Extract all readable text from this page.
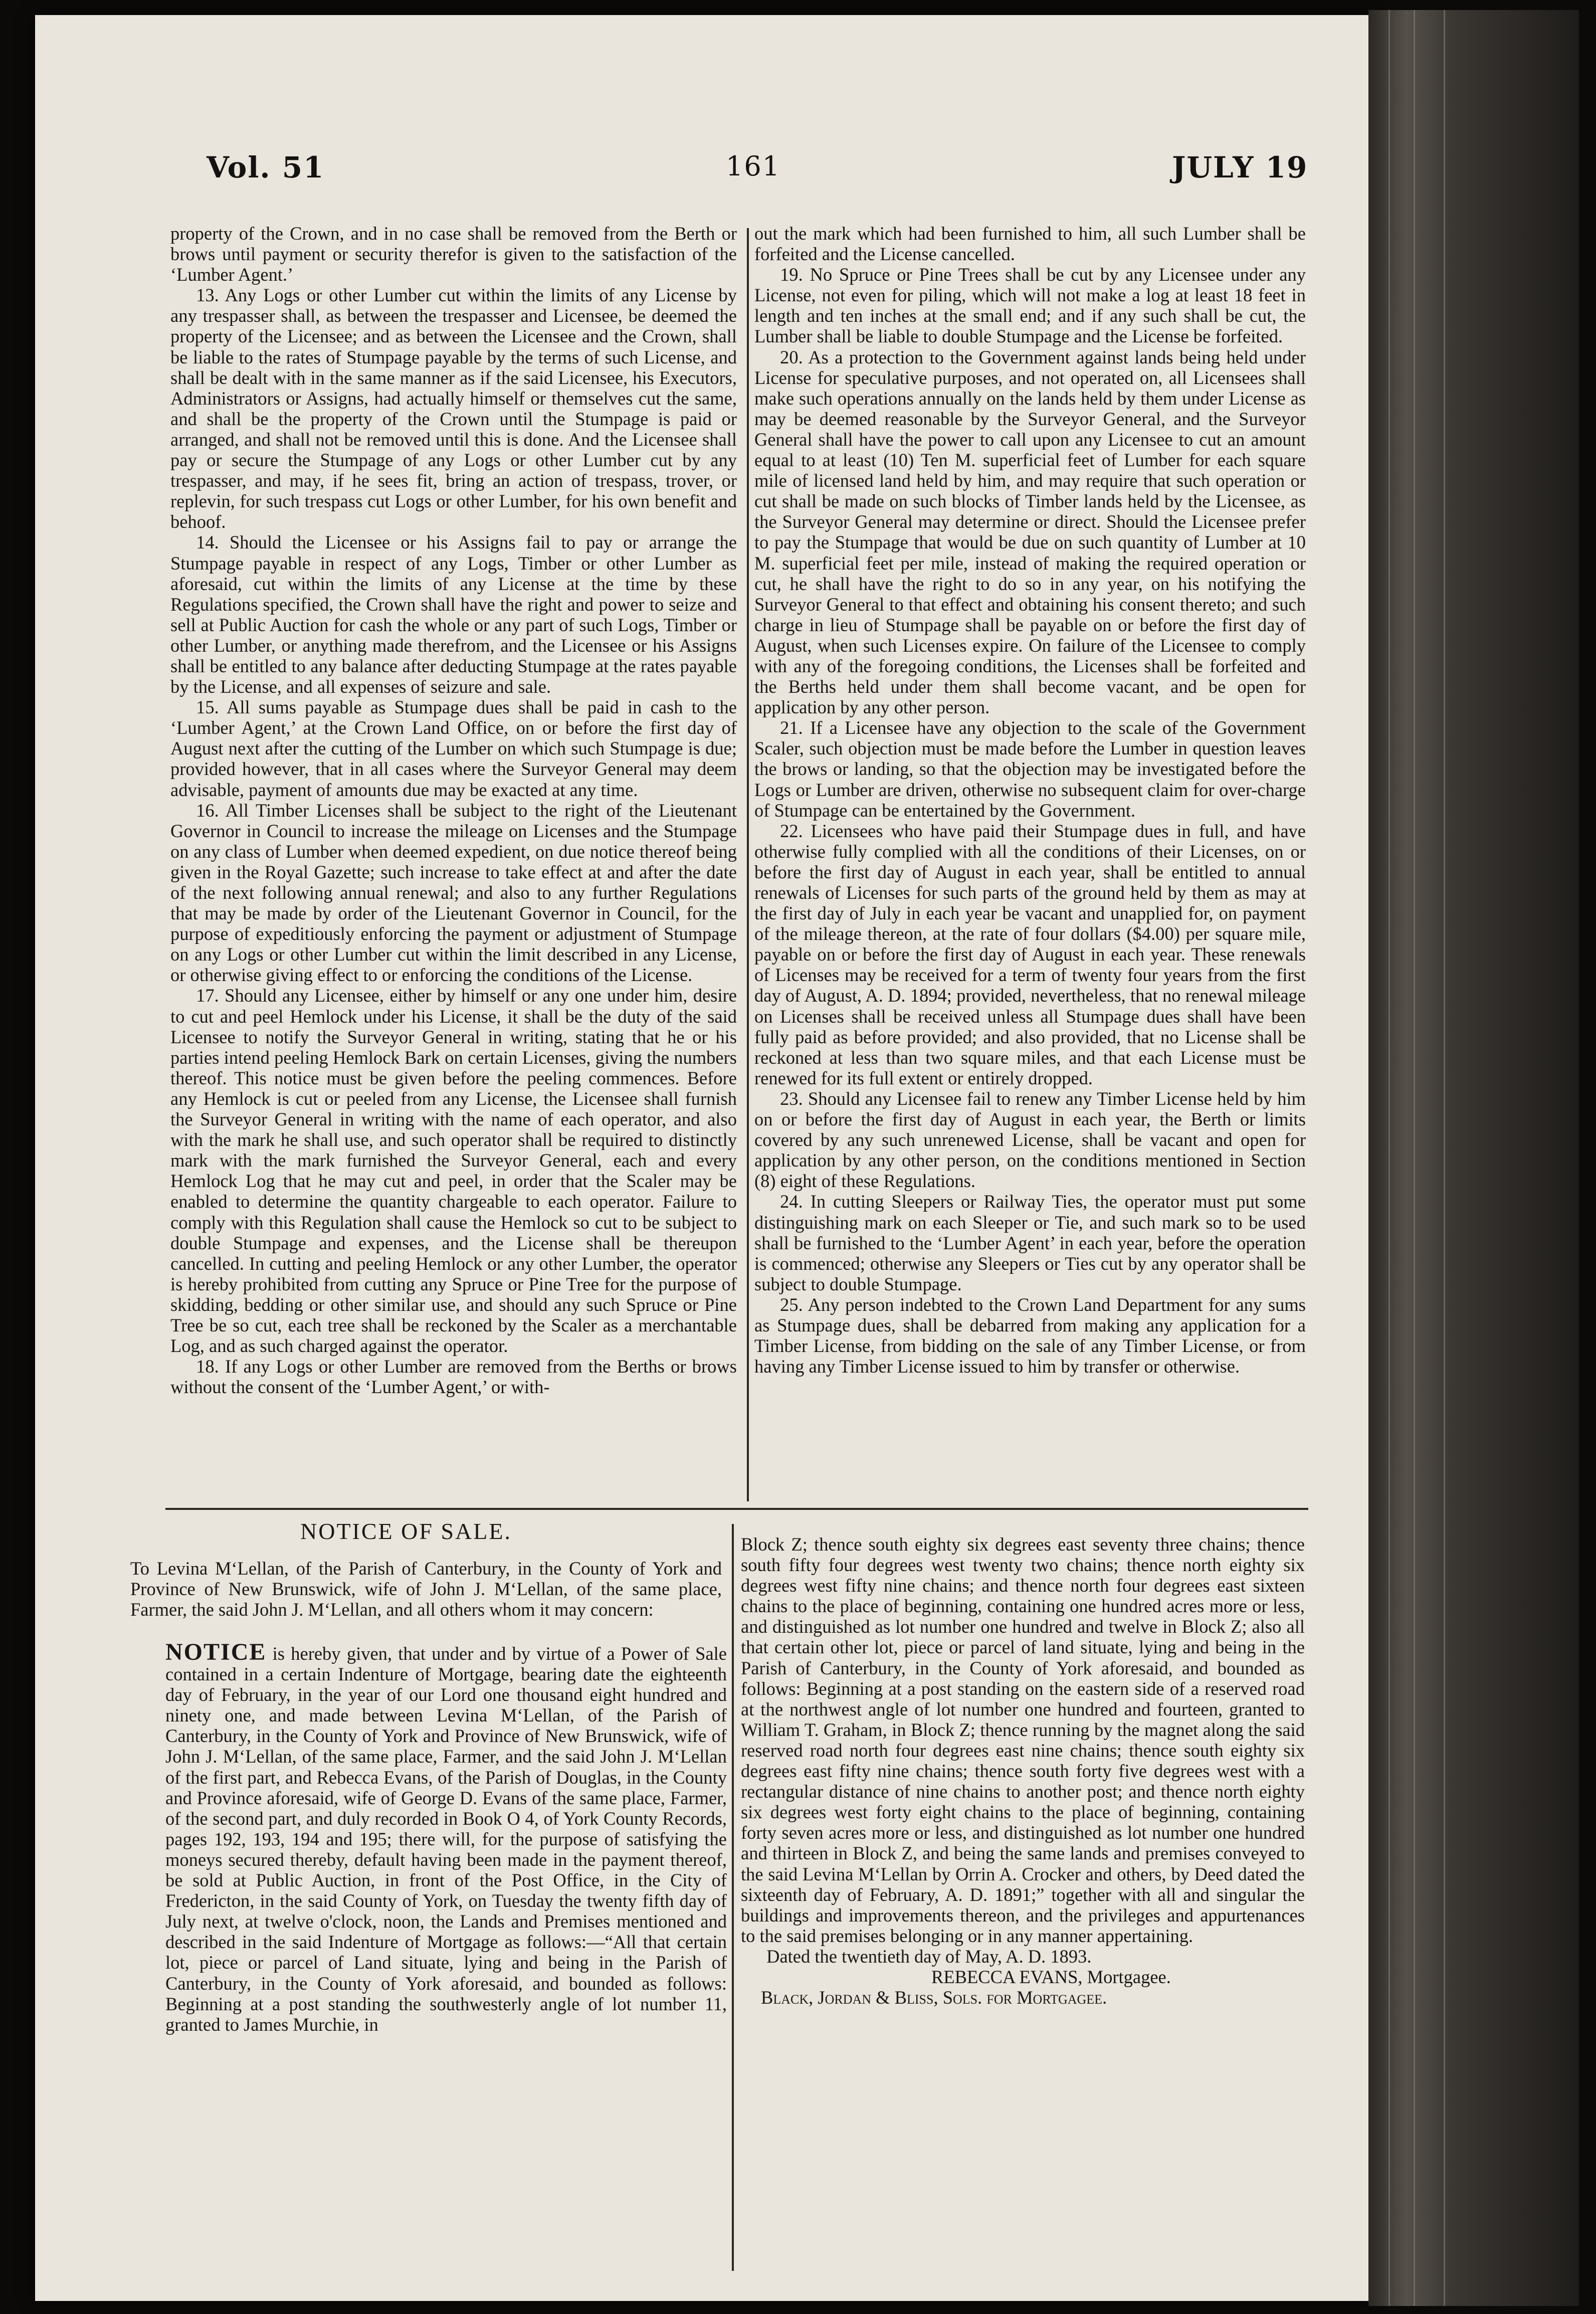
Vol. 51	161	JULY 19

property of the Crown, and in no case shall be removed from the Berth or brows until payment or security therefor is given to the satisfaction of the ‘Lumber Agent.’

13. Any Logs or other Lumber cut within the limits of any License by any trespasser shall, as between the trespasser and Licensee, be deemed the property of the Licensee; and as between the Licensee and the Crown, shall be liable to the rates of Stumpage payable by the terms of such License, and shall be dealt with in the same manner as if the said Licensee, his Executors, Administrators or Assigns, had actually himself or themselves cut the same, and shall be the property of the Crown until the Stumpage is paid or arranged, and shall not be removed until this is done. And the Licensee shall pay or secure the Stumpage of any Logs or other Lumber cut by any trespasser, and may, if he sees fit, bring an action of trespass, trover, or replevin, for such trespass cut Logs or other Lumber, for his own benefit and behoof.

14. Should the Licensee or his Assigns fail to pay or arrange the Stumpage payable in respect of any Logs, Timber or other Lumber as aforesaid, cut within the limits of any License at the time by these Regulations specified, the Crown shall have the right and power to seize and sell at Public Auction for cash the whole or any part of such Logs, Timber or other Lumber, or anything made therefrom, and the Licensee or his Assigns shall be entitled to any balance after deducting Stumpage at the rates payable by the License, and all expenses of seizure and sale.

15. All sums payable as Stumpage dues shall be paid in cash to the ‘Lumber Agent,’ at the Crown Land Office, on or before the first day of August next after the cutting of the Lumber on which such Stumpage is due; provided however, that in all cases where the Surveyor General may deem advisable, payment of amounts due may be exacted at any time.

16. All Timber Licenses shall be subject to the right of the Lieutenant Governor in Council to increase the mileage on Licenses and the Stumpage on any class of Lumber when deemed expedient, on due notice thereof being given in the Royal Gazette; such increase to take effect at and after the date of the next following annual renewal; and also to any further Regulations that may be made by order of the Lieutenant Governor in Council, for the purpose of expeditiously enforcing the payment or adjustment of Stumpage on any Logs or other Lumber cut within the limit described in any License, or otherwise giving effect to or enforcing the conditions of the License.

17. Should any Licensee, either by himself or any one under him, desire to cut and peel Hemlock under his License, it shall be the duty of the said Licensee to notify the Surveyor General in writing, stating that he or his parties intend peeling Hemlock Bark on certain Licenses, giving the numbers thereof. This notice must be given before the peeling commences. Before any Hemlock is cut or peeled from any License, the Licensee shall furnish the Surveyor General in writing with the name of each operator, and also with the mark he shall use, and such operator shall be required to distinctly mark with the mark furnished the Surveyor General, each and every Hemlock Log that he may cut and peel, in order that the Scaler may be enabled to determine the quantity chargeable to each operator. Failure to comply with this Regulation shall cause the Hemlock so cut to be subject to double Stumpage and expenses, and the License shall be thereupon cancelled. In cutting and peeling Hemlock or any other Lumber, the operator is hereby prohibited from cutting any Spruce or Pine Tree for the purpose of skidding, bedding or other similar use, and should any such Spruce or Pine Tree be so cut, each tree shall be reckoned by the Scaler as a merchantable Log, and as such charged against the operator.

18. If any Logs or other Lumber are removed from the Berths or brows without the consent of the ‘Lumber Agent,’ or with-

out the mark which had been furnished to him, all such Lumber shall be forfeited and the License cancelled.

19. No Spruce or Pine Trees shall be cut by any Licensee under any License, not even for piling, which will not make a log at least 18 feet in length and ten inches at the small end; and if any such shall be cut, the Lumber shall be liable to double Stumpage and the License be forfeited.

20. As a protection to the Government against lands being held under License for speculative purposes, and not operated on, all Licensees shall make such operations annually on the lands held by them under License as may be deemed reasonable by the Surveyor General, and the Surveyor General shall have the power to call upon any Licensee to cut an amount equal to at least (10) Ten M. superficial feet of Lumber for each square mile of licensed land held by him, and may require that such operation or cut shall be made on such blocks of Timber lands held by the Licensee, as the Surveyor General may determine or direct. Should the Licensee prefer to pay the Stumpage that would be due on such quantity of Lumber at 10 M. superficial feet per mile, instead of making the required operation or cut, he shall have the right to do so in any year, on his notifying the Surveyor General to that effect and obtaining his consent thereto; and such charge in lieu of Stumpage shall be payable on or before the first day of August, when such Licenses expire. On failure of the Licensee to comply with any of the foregoing conditions, the Licenses shall be forfeited and the Berths held under them shall become vacant, and be open for application by any other person.

21. If a Licensee have any objection to the scale of the Government Scaler, such objection must be made before the Lumber in question leaves the brows or landing, so that the objection may be investigated before the Logs or Lumber are driven, otherwise no subsequent claim for over-charge of Stumpage can be entertained by the Government.

22. Licensees who have paid their Stumpage dues in full, and have otherwise fully complied with all the conditions of their Licenses, on or before the first day of August in each year, shall be entitled to annual renewals of Licenses for such parts of the ground held by them as may at the first day of July in each year be vacant and unapplied for, on payment of the mileage thereon, at the rate of four dollars ($4.00) per square mile, payable on or before the first day of August in each year. These renewals of Licenses may be received for a term of twenty four years from the first day of August, A. D. 1894; provided, nevertheless, that no renewal mileage on Licenses shall be received unless all Stumpage dues shall have been fully paid as before provided; and also provided, that no License shall be reckoned at less than two square miles, and that each License must be renewed for its full extent or entirely dropped.

23. Should any Licensee fail to renew any Timber License held by him on or before the first day of August in each year, the Berth or limits covered by any such unrenewed License, shall be vacant and open for application by any other person, on the conditions mentioned in Section (8) eight of these Regulations.

24. In cutting Sleepers or Railway Ties, the operator must put some distinguishing mark on each Sleeper or Tie, and such mark so to be used shall be furnished to the ‘Lumber Agent’ in each year, before the operation is commenced; otherwise any Sleepers or Ties cut by any operator shall be subject to double Stumpage.

25. Any person indebted to the Crown Land Department for any sums as Stumpage dues, shall be debarred from making any application for a Timber License, from bidding on the sale of any Timber License, or from having any Timber License issued to him by transfer or otherwise.

NOTICE OF SALE.
To Levina M‘Lellan, of the Parish of Canterbury, in the County of York and Province of New Brunswick, wife of John J. M‘Lellan, of the same place, Farmer, the said John J. M‘Lellan, and all others whom it may concern:

NOTICE is hereby given, that under and by virtue of a Power of Sale contained in a certain Indenture of Mortgage, bearing date the eighteenth day of February, in the year of our Lord one thousand eight hundred and ninety one, and made between Levina M‘Lellan, of the Parish of Canterbury, in the County of York and Province of New Brunswick, wife of John J. M‘Lellan, of the same place, Farmer, and the said John J. M‘Lellan of the first part, and Rebecca Evans, of the Parish of Douglas, in the County and Province aforesaid, wife of George D. Evans of the same place, Farmer, of the second part, and duly recorded in Book O 4, of York County Records, pages 192, 193, 194 and 195; there will, for the purpose of satisfying the moneys secured thereby, default having been made in the payment thereof, be sold at Public Auction, in front of the Post Office, in the City of Fredericton, in the said County of York, on Tuesday the twenty fifth day of July next, at twelve o'clock, noon, the Lands and Premises mentioned and described in the said Indenture of Mortgage as follows:—“All that certain lot, piece or parcel of Land situate, lying and being in the Parish of Canterbury, in the County of York aforesaid, and bounded as follows: Beginning at a post standing the southwesterly angle of lot number 11, granted to James Murchie, in

Block Z; thence south eighty six degrees east seventy three chains; thence south fifty four degrees west twenty two chains; thence north eighty six degrees west fifty nine chains; and thence north four degrees east sixteen chains to the place of beginning, containing one hundred acres more or less, and distinguished as lot number one hundred and twelve in Block Z; also all that certain other lot, piece or parcel of land situate, lying and being in the Parish of Canterbury, in the County of York aforesaid, and bounded as follows: Beginning at a post standing on the eastern side of a reserved road at the northwest angle of lot number one hundred and fourteen, granted to William T. Graham, in Block Z; thence running by the magnet along the said reserved road north four degrees east nine chains; thence south eighty six degrees east fifty nine chains; thence south forty five degrees west with a rectangular distance of nine chains to another post; and thence north eighty six degrees west forty eight chains to the place of beginning, containing forty seven acres more or less, and distinguished as lot number one hundred and thirteen in Block Z, and being the same lands and premises conveyed to the said Levina M‘Lellan by Orrin A. Crocker and others, by Deed dated the sixteenth day of February, A. D. 1891;” together with all and singular the buildings and improvements thereon, and the privileges and appurtenances to the said premises belonging or in any manner appertaining.

Dated the twentieth day of May, A. D. 1893.

REBECCA EVANS, Mortgagee.
Black, Jordan & Bliss, Sols. for Mortgagee.
